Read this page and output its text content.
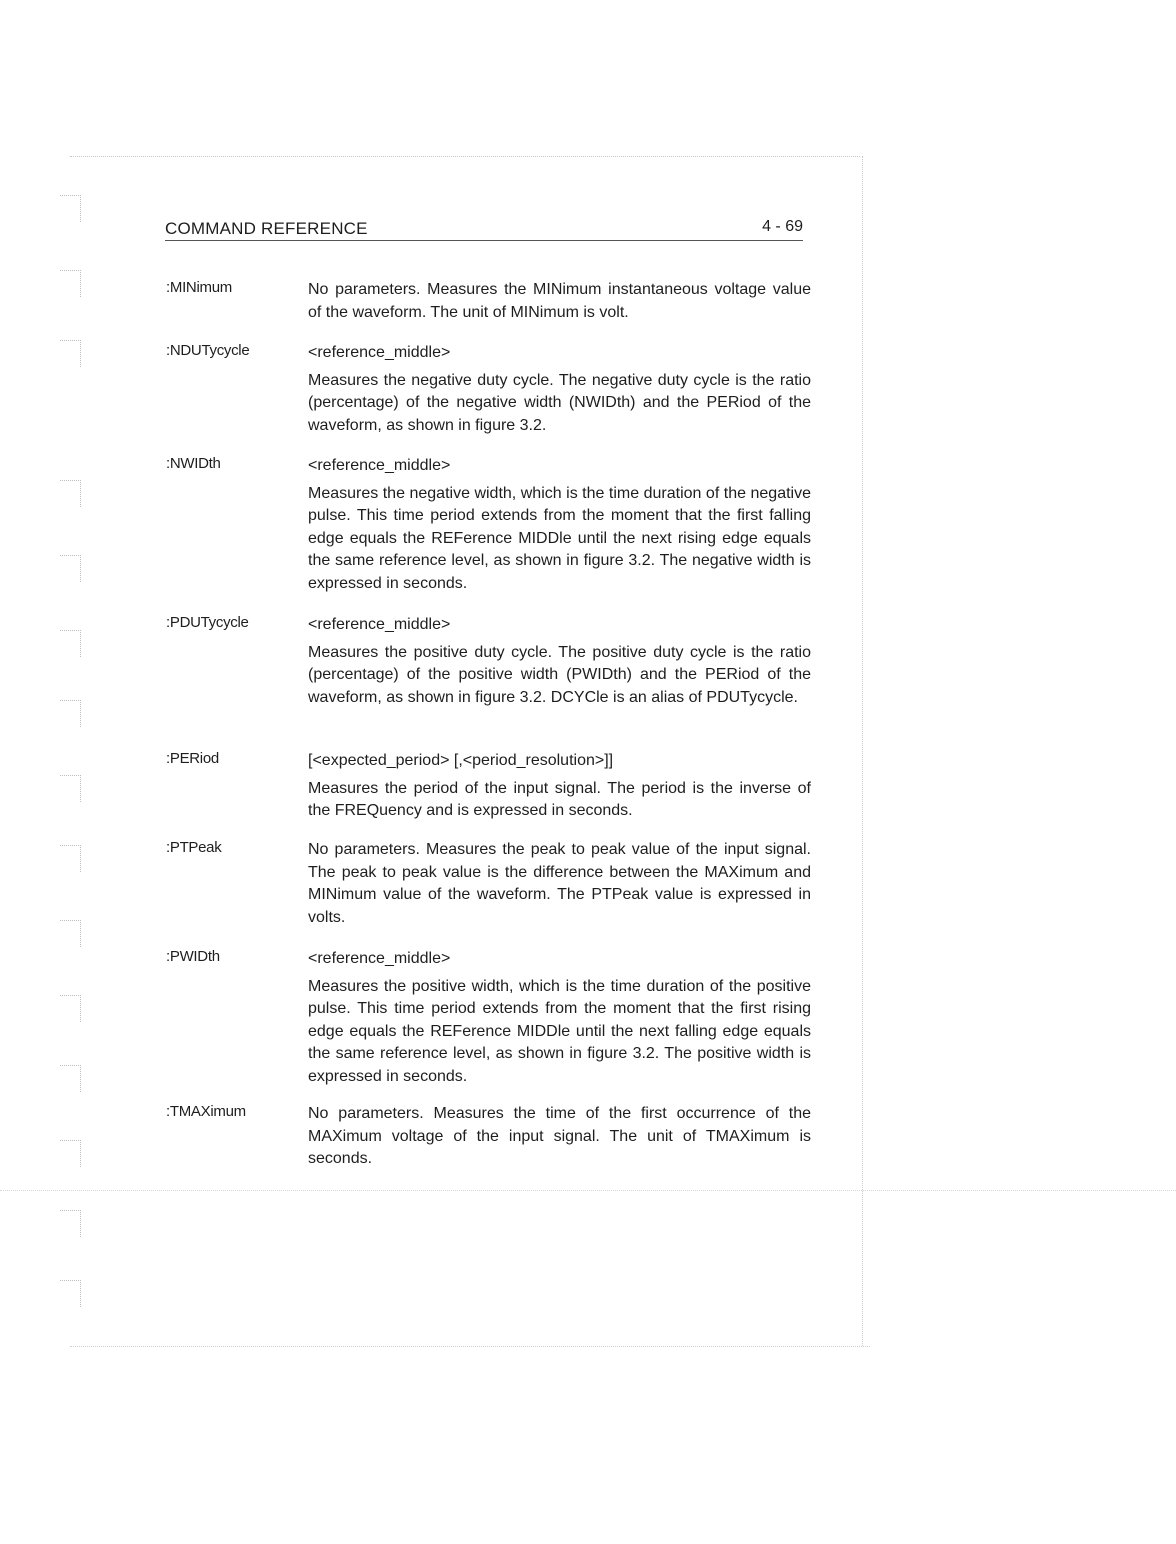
COMMAND REFERENCE	4 - 69
:MINimum	No parameters. Measures the MINimum instantaneous voltage value of the waveform. The unit of MINimum is volt.

:NDUTycycle	<reference_middle>

Measures the negative duty cycle. The negative duty cycle is the ratio (percentage) of the negative width (NWIDth) and the PERiod of the waveform, as shown in figure 3.2.

:NWIDth	<reference_middle>

Measures the negative width, which is the time duration of the negative pulse. This time period extends from the moment that the first falling edge equals the REFerence MIDDle until the next rising edge equals the same reference level, as shown in figure 3.2. The negative width is expressed in seconds.

:PDUTycycle	<reference_middle>

Measures the positive duty cycle. The positive duty cycle is the ratio (percentage) of the positive width (PWIDth) and the PERiod of the waveform, as shown in figure 3.2. DCYCle is an alias of PDUTycycle.

:PERiod	[<expected_period> [,<period_resolution>]]

Measures the period of the input signal. The period is the inverse of the FREQuency and is expressed in seconds.

:PTPeak	No parameters. Measures the peak to peak value of the input signal. The peak to peak value is the difference between the MAXimum and MINimum value of the waveform. The PTPeak value is expressed in volts.

:PWIDth	<reference_middle>

Measures the positive width, which is the time duration of the positive pulse. This time period extends from the moment that the first rising edge equals the REFerence MIDDle until the next falling edge equals the same reference level, as shown in figure 3.2. The positive width is expressed in seconds.

:TMAXimum	No parameters. Measures the time of the first occurrence of the MAXimum voltage of the input signal. The unit of TMAXimum is seconds.
